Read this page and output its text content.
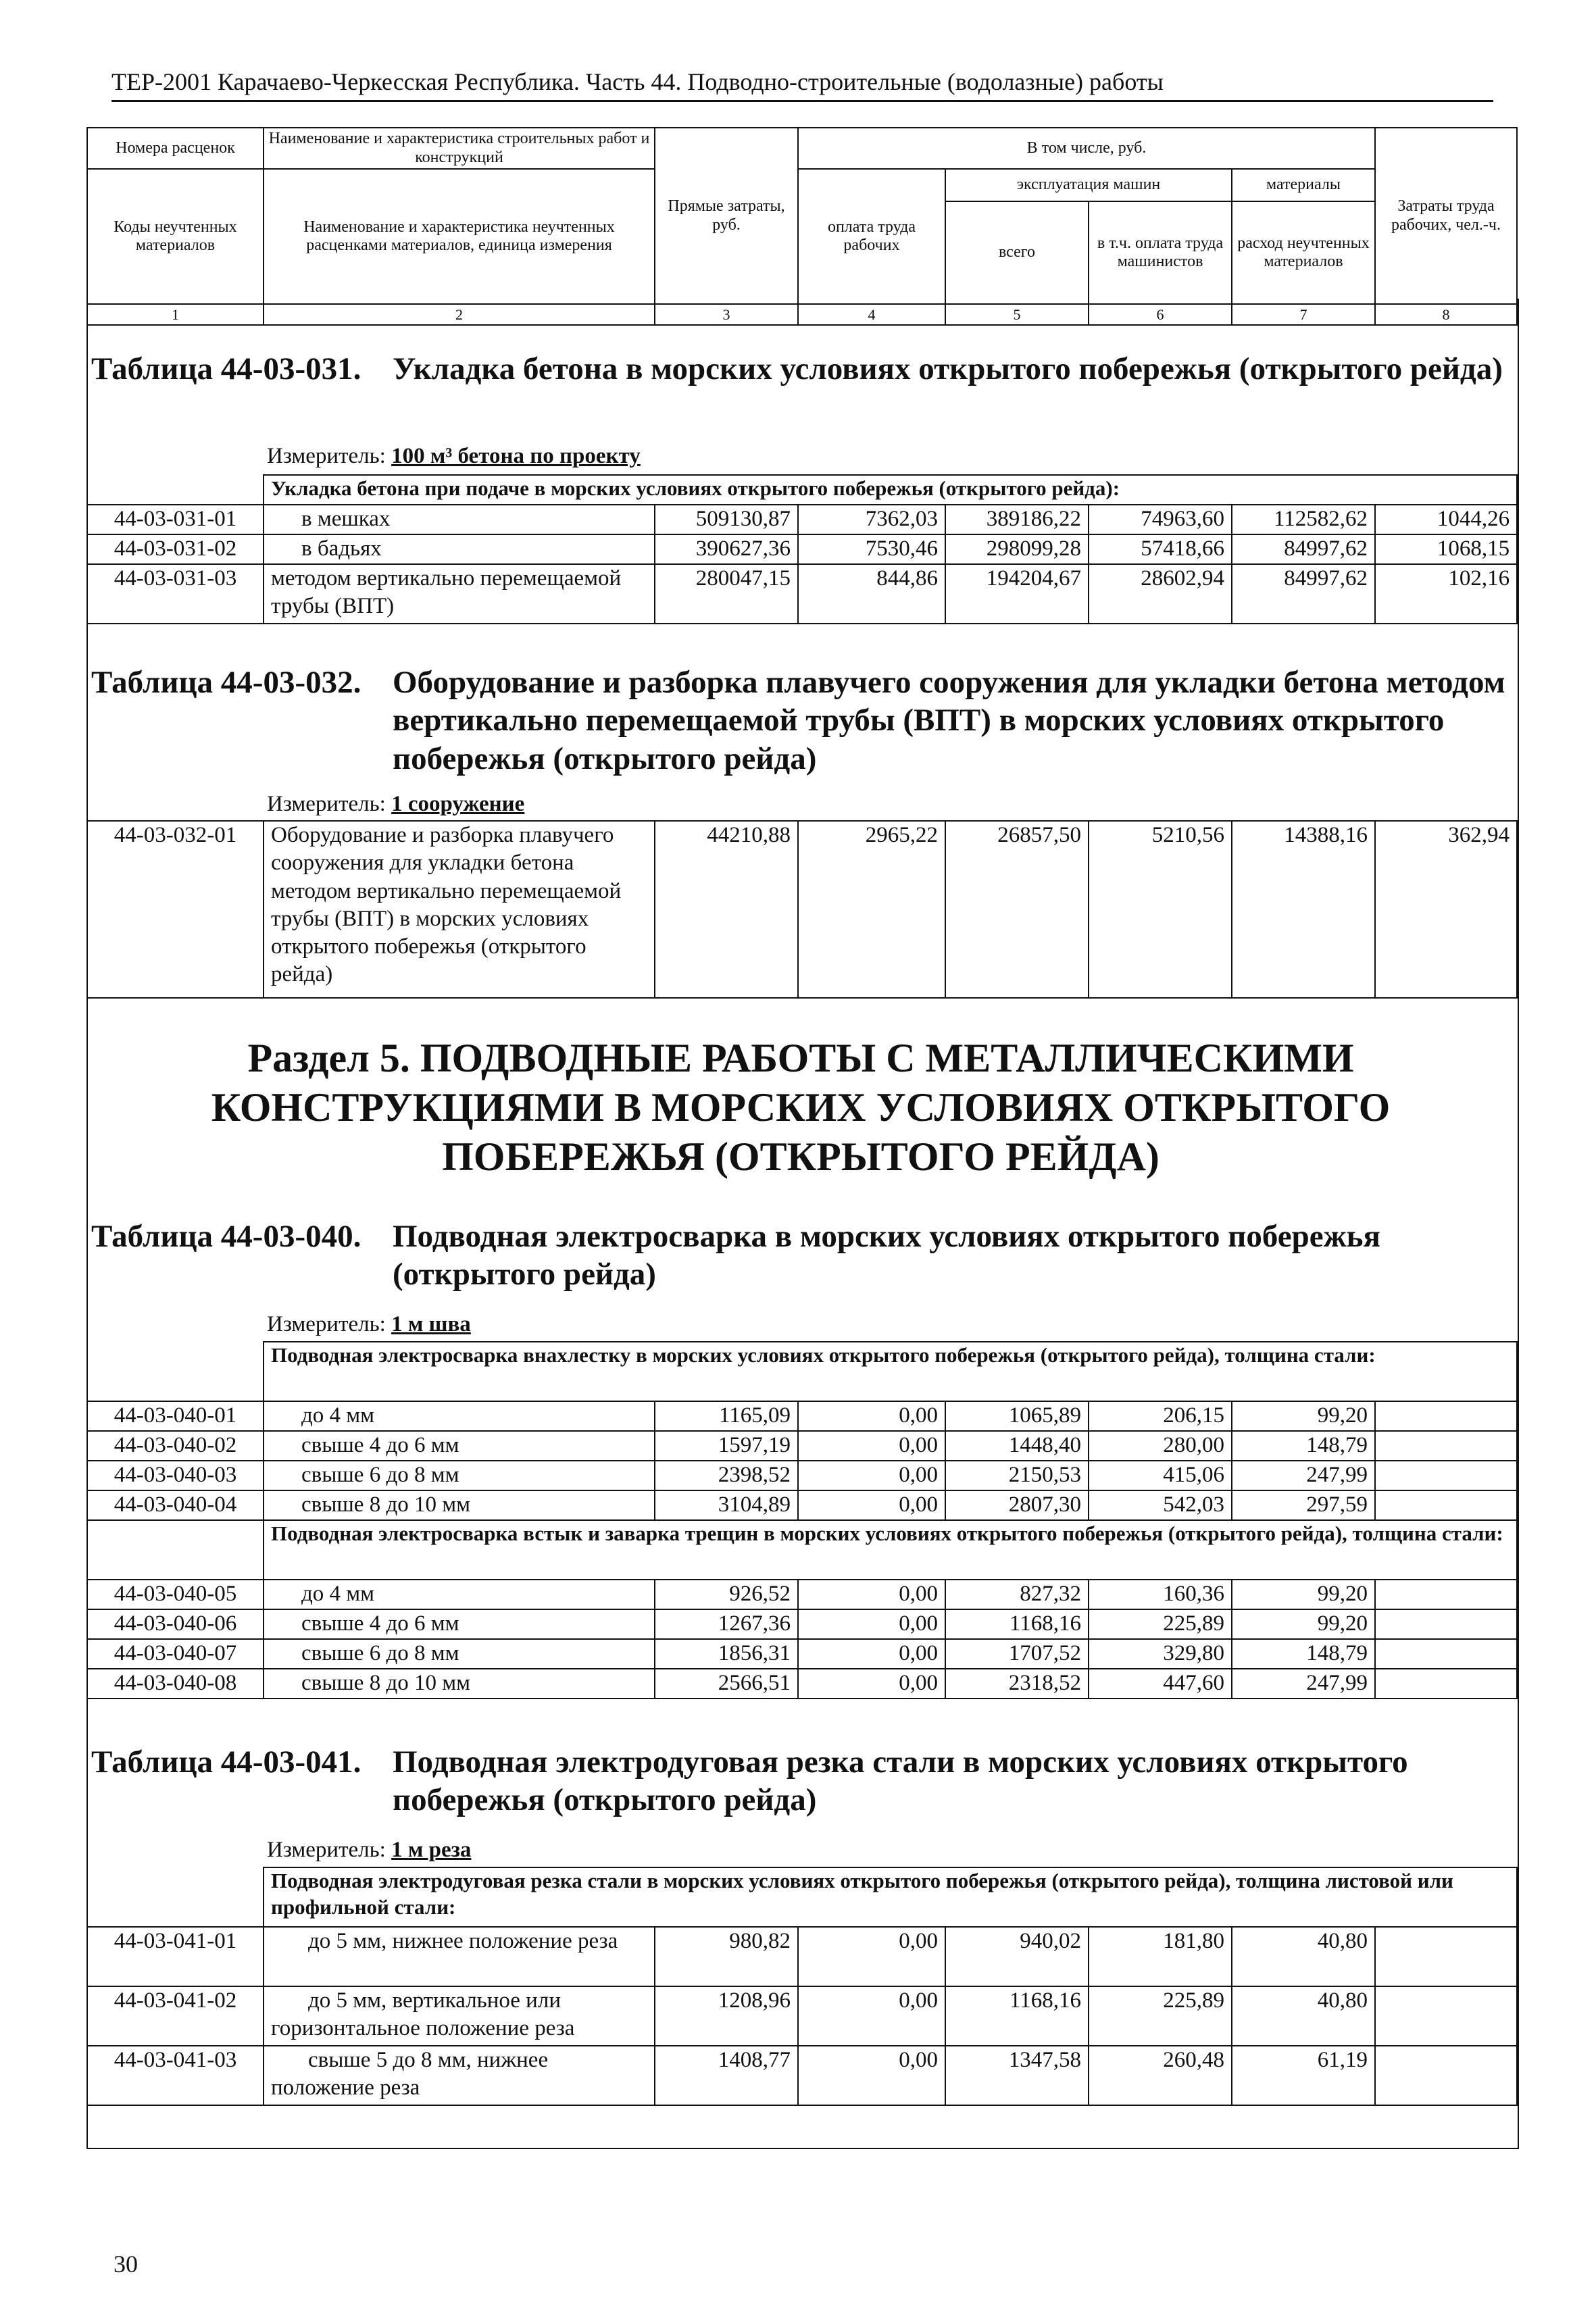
ТЕР-2001 Карачаево-Черкесская Республика. Часть 44. Подводно-строительные (водолазные) работы
Номера расценок	Наименование и характеристика строительных работ и конструкций	Прямые затраты, руб.	В том числе, руб.				Затраты труда рабочих, чел.-ч.
Коды неучтенных материалов	Наименование и характеристика неучтенных расценками материалов, единица измерения		оплата труда рабочих	эксплуатация машин		материалы	
				всего	в т.ч. оплата труда машинистов	расход неучтенных материалов	
1	2	3	4	5	6	7	8
Таблица 44-03-031. Укладка бетона в морских условиях открытого побережья (открытого рейда)
Измеритель: 100 м³ бетона по проекту
	Укладка бетона при подаче в морских условиях открытого побережья (открытого рейда):						
44-03-031-01	в мешках	509130,87	7362,03	389186,22	74963,60	112582,62	1044,26
44-03-031-02	в бадьях	390627,36	7530,46	298099,28	57418,66	84997,62	1068,15
44-03-031-03	методом вертикально перемещаемой трубы (ВПТ)	280047,15	844,86	194204,67	28602,94	84997,62	102,16
Таблица 44-03-032. Оборудование и разборка плавучего сооружения для укладки бетона методом вертикально перемещаемой трубы (ВПТ) в морских условиях открытого побережья (открытого рейда)
Измеритель: 1 сооружение
44-03-032-01	Оборудование и разборка плавучего сооружения для укладки бетона методом вертикально перемещаемой трубы (ВПТ) в морских условиях открытого побережья (открытого рейда)	44210,88	2965,22	26857,50	5210,56	14388,16	362,94
Раздел 5. ПОДВОДНЫЕ РАБОТЫ С МЕТАЛЛИЧЕСКИМИ КОНСТРУКЦИЯМИ В МОРСКИХ УСЛОВИЯХ ОТКРЫТОГО ПОБЕРЕЖЬЯ (ОТКРЫТОГО РЕЙДА)
Таблица 44-03-040. Подводная электросварка в морских условиях открытого побережья (открытого рейда)
Измеритель: 1 м шва
	Подводная электросварка внахлестку в морских условиях открытого побережья (открытого рейда), толщина стали:						
44-03-040-01	до 4 мм	1165,09	0,00	1065,89	206,15	99,20	
44-03-040-02	свыше 4 до 6 мм	1597,19	0,00	1448,40	280,00	148,79	
44-03-040-03	свыше 6 до 8 мм	2398,52	0,00	2150,53	415,06	247,99	
44-03-040-04	свыше 8 до 10 мм	3104,89	0,00	2807,30	542,03	297,59	
	Подводная электросварка встык и заварка трещин в морских условиях открытого побережья (открытого рейда), толщина стали:						
44-03-040-05	до 4 мм	926,52	0,00	827,32	160,36	99,20	
44-03-040-06	свыше 4 до 6 мм	1267,36	0,00	1168,16	225,89	99,20	
44-03-040-07	свыше 6 до 8 мм	1856,31	0,00	1707,52	329,80	148,79	
44-03-040-08	свыше 8 до 10 мм	2566,51	0,00	2318,52	447,60	247,99	
Таблица 44-03-041. Подводная электродуговая резка стали в морских условиях открытого побережья (открытого рейда)
Измеритель: 1 м реза
	Подводная электродуговая резка стали в морских условиях открытого побережья (открытого рейда), толщина листовой или профильной стали:						
44-03-041-01	до 5 мм, нижнее положение реза	980,82	0,00	940,02	181,80	40,80	
44-03-041-02	до 5 мм, вертикальное или горизонтальное положение реза	1208,96	0,00	1168,16	225,89	40,80	
44-03-041-03	свыше 5 до 8 мм, нижнее положение реза	1408,77	0,00	1347,58	260,48	61,19	
30
